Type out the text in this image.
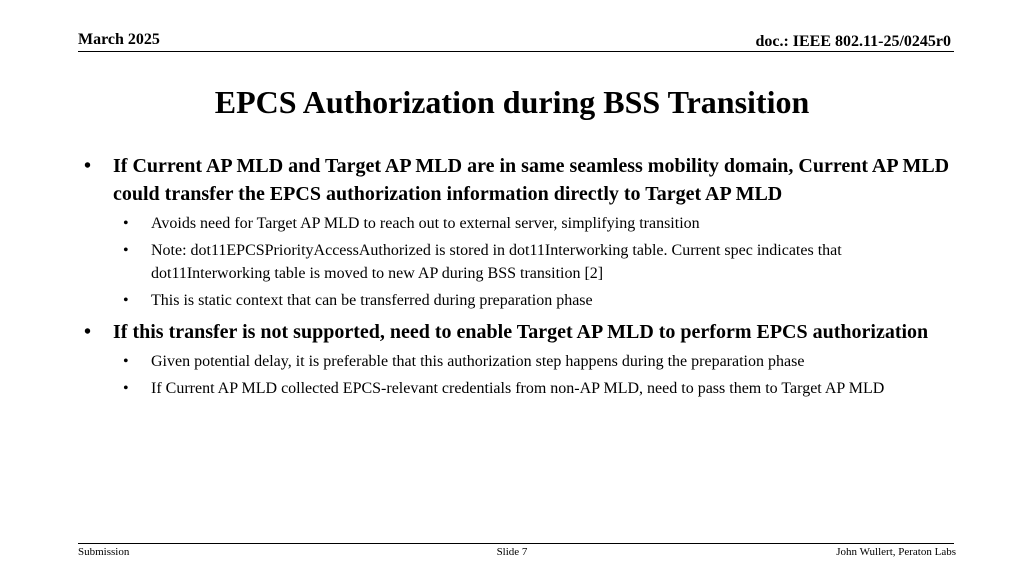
March 2025	doc.: IEEE 802.11-25/0245r0
EPCS Authorization during BSS Transition
• If Current AP MLD and Target AP MLD are in same seamless mobility domain, Current AP MLD could transfer the EPCS authorization information directly to Target AP MLD
• Avoids need for Target AP MLD to reach out to external server, simplifying transition
• Note: dot11EPCSPriorityAccessAuthorized is stored in dot11Interworking table. Current spec indicates that dot11Interworking table is moved to new AP during BSS transition [2]
• This is static context that can be transferred during preparation phase
• If this transfer is not supported, need to enable Target AP MLD to perform EPCS authorization
• Given potential delay, it is preferable that this authorization step happens during the preparation phase
• If Current AP MLD collected EPCS-relevant credentials from non-AP MLD, need to pass them to Target AP MLD
Submission	Slide 7	John Wullert, Peraton Labs
